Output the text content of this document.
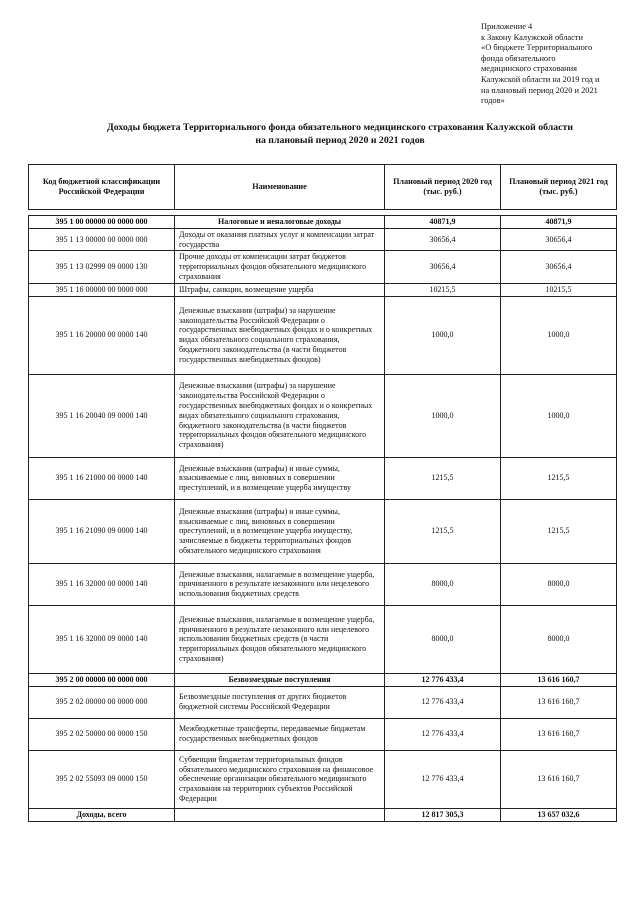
Приложение 4
к Закону Калужской области
«О бюджете Территориального
фонда обязательного
медицинского страхования
Калужской области на 2019 год и
на плановый период 2020 и 2021
годов»
Доходы бюджета Территориального фонда обязательного медицинского страхования Калужской области
на плановый период 2020 и 2021 годов
Код бюджетной классификации Российской Федерации	Наименование	Плановый период 2020 год (тыс. руб.)	Плановый период 2021 год (тыс. руб.)

395 1 00 00000 00 0000 000	Налоговые и неналоговые доходы	40871,9	40871,9
395 1 13 00000 00 0000 000	Доходы от оказания платных услуг и компенсации затрат государства	30656,4	30656,4
395 1 13 02999 09 0000 130	Прочие доходы от компенсации затрат бюджетов территориальных фондов обязательного медицинского страхования	30656,4	30656,4
395 1 16 00000 00 0000 000	Штрафы, санкции, возмещение ущерба	10215,5	10215,5
395 1 16 20000 00 0000 140	Денежные взыскания (штрафы) за нарушение законодательства Российской Федерации о государственных внебюджетных фондах и о конкретных видах обязательного социального страхования, бюджетного законодательства (в части бюджетов государственных внебюджетных фондов)	1000,0	1000,0
395 1 16 20040 09 0000 140	Денежные взыскания (штрафы) за нарушение законодательства Российской Федерации о государственных внебюджетных фондах и о конкретных видах обязательного социального страхования, бюджетного законодательства (в части бюджетов территориальных фондов обязательного медицинского страхования)	1000,0	1000,0
395 1 16 21000 00 0000 140	Денежные взыскания (штрафы) и иные суммы, взыскиваемые с лиц, виновных в совершении преступлений, и в возмещение ущерба имуществу	1215,5	1215,5
395 1 16 21090 09 0000 140	Денежные взыскания (штрафы) и иные суммы, взыскиваемые с лиц, виновных в совершении преступлений, и в возмещение ущерба имуществу, зачисляемые в бюджеты территориальных фондов обязательного медицинского страхования	1215,5	1215,5
395 1 16 32000 00 0000 140	Денежные взыскания, налагаемые в возмещение ущерба, причиненного в результате незаконного или нецелевого использования бюджетных средств	8000,0	8000,0
395 1 16 32000 09 0000 140	Денежные взыскания, налагаемые в возмещение ущерба, причиненного в результате незаконного или нецелевого использования бюджетных средств (в части территориальных фондов обязательного медицинского страхования)	8000,0	8000,0
395 2 00 00000 00 0000 000	Безвозмездные поступления	12 776 433,4	13 616 160,7
395 2 02 00000 00 0000 000	Безвозмездные поступления от других бюджетов бюджетной системы Российской Федерации	12 776 433,4	13 616 160,7
395 2 02 50000 00 0000 150	Межбюджетные трансферты, передаваемые бюджетам государственных внебюджетных фондов	12 776 433,4	13 616 160,7
395 2 02 55093 09 0000 150	Субвенции бюджетам территориальных фондов обязательного медицинского страхования на финансовое обеспечение организации обязательного медицинского страхования на территориях субъектов Российской Федерации	12 776 433,4	13 616 160,7
Доходы, всего		12 817 305,3	13 657 032,6
